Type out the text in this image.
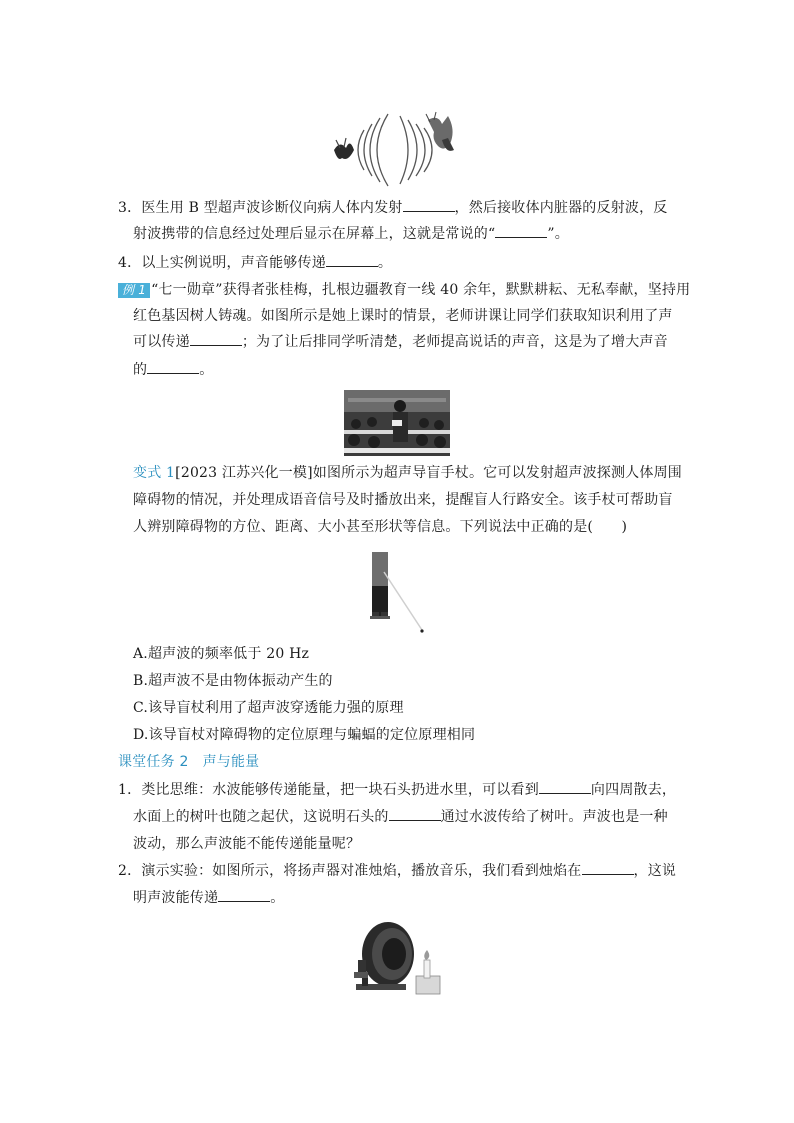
3．医生用 B 型超声波诊断仪向病人体内发射	，然后接收体内脏器的反射波，反
射波携带的信息经过处理后显示在屏幕上，这就是常说的“	”。
4．以上实例说明，声音能够传递	。
例 1 “七一勋章”获得者张桂梅，扎根边疆教育一线 40 余年，默默耕耘、无私奉献，坚持用
红色基因树人铸魂。如图所示是她上课时的情景，老师讲课让同学们获取知识利用了声
可以传递	；为了让后排同学听清楚，老师提高说话的声音，这是为了增大声音
的	。
变式 1[2023 江苏兴化一模]如图所示为超声导盲手杖。它可以发射超声波探测人体周围
障碍物的情况，并处理成语音信号及时播放出来，提醒盲人行路安全。该手杖可帮助盲
人辨别障碍物的方位、距离、大小甚至形状等信息。下列说法中正确的是(　　)
A.超声波的频率低于 20 Hz
B.超声波不是由物体振动产生的
C.该导盲杖利用了超声波穿透能力强的原理
D.该导盲杖对障碍物的定位原理与蝙蝠的定位原理相同
课堂任务 2 声与能量
1．类比思维：水波能够传递能量，把一块石头扔进水里，可以看到	向四周散去，
水面上的树叶也随之起伏，这说明石头的	通过水波传给了树叶。声波也是一种
波动，那么声波能不能传递能量呢？
2．演示实验：如图所示，将扬声器对准烛焰，播放音乐，我们看到烛焰在	，这说
明声波能传递	。
